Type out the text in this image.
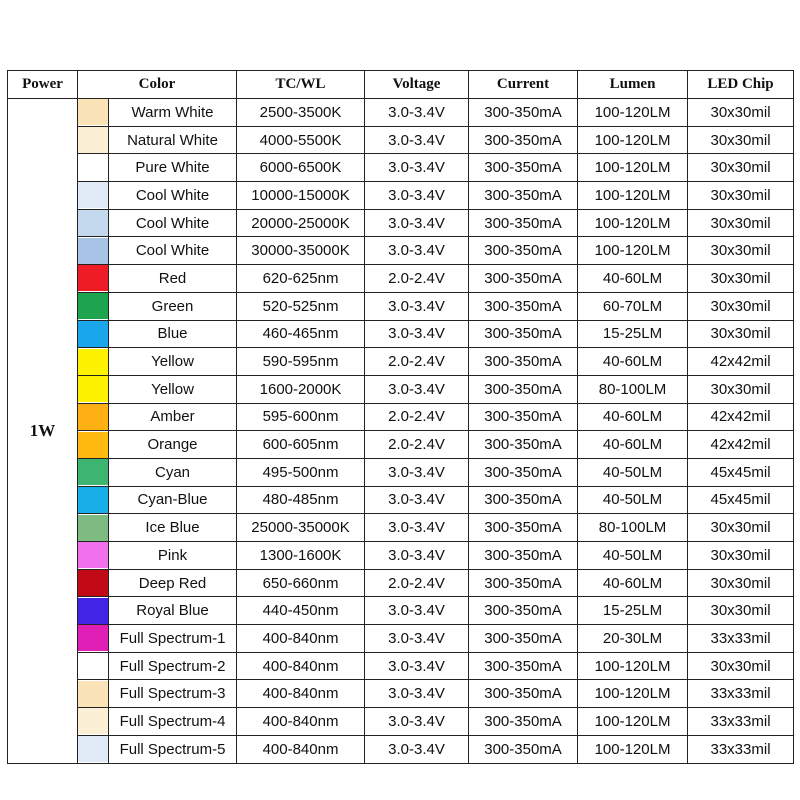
Power	Color		TC/WL	Voltage	Current	Lumen	LED Chip
1W		Warm White	2500-3500K	3.0-3.4V	300-350mA	100-120LM	30x30mil

		Natural White	4000-5500K	3.0-3.4V	300-350mA	100-120LM	30x30mil

		Pure White	6000-6500K	3.0-3.4V	300-350mA	100-120LM	30x30mil

		Cool White	10000-15000K	3.0-3.4V	300-350mA	100-120LM	30x30mil

		Cool White	20000-25000K	3.0-3.4V	300-350mA	100-120LM	30x30mil

		Cool White	30000-35000K	3.0-3.4V	300-350mA	100-120LM	30x30mil

		Red	620-625nm	2.0-2.4V	300-350mA	40-60LM	30x30mil

		Green	520-525nm	3.0-3.4V	300-350mA	60-70LM	30x30mil

		Blue	460-465nm	3.0-3.4V	300-350mA	15-25LM	30x30mil

		Yellow	590-595nm	2.0-2.4V	300-350mA	40-60LM	42x42mil

		Yellow	1600-2000K	3.0-3.4V	300-350mA	80-100LM	30x30mil

		Amber	595-600nm	2.0-2.4V	300-350mA	40-60LM	42x42mil

		Orange	600-605nm	2.0-2.4V	300-350mA	40-60LM	42x42mil

		Cyan	495-500nm	3.0-3.4V	300-350mA	40-50LM	45x45mil

		Cyan-Blue	480-485nm	3.0-3.4V	300-350mA	40-50LM	45x45mil

		Ice Blue	25000-35000K	3.0-3.4V	300-350mA	80-100LM	30x30mil

		Pink	1300-1600K	3.0-3.4V	300-350mA	40-50LM	30x30mil

		Deep Red	650-660nm	2.0-2.4V	300-350mA	40-60LM	30x30mil

		Royal Blue	440-450nm	3.0-3.4V	300-350mA	15-25LM	30x30mil

		Full Spectrum-1	400-840nm	3.0-3.4V	300-350mA	20-30LM	33x33mil

		Full Spectrum-2	400-840nm	3.0-3.4V	300-350mA	100-120LM	30x30mil

		Full Spectrum-3	400-840nm	3.0-3.4V	300-350mA	100-120LM	33x33mil

		Full Spectrum-4	400-840nm	3.0-3.4V	300-350mA	100-120LM	33x33mil

		Full Spectrum-5	400-840nm	3.0-3.4V	300-350mA	100-120LM	33x33mil
